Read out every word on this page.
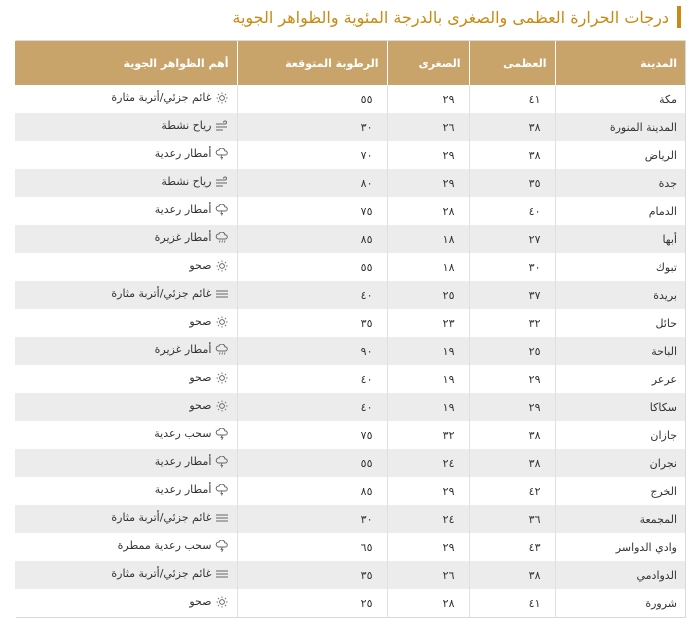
درجات الحرارة العظمى والصغرى بالدرجة المئوية والظواهر الجوية
المدينة	العظمى	الصغرى	الرطوبة المتوقعة	أهم الظواهر الجوية
مكة	٤١	٢٩	٥٥	غائم جزئي/أتربة مثارة

المدينة المنورة	٣٨	٢٦	٣٠	رياح نشطة

الرياض	٣٨	٢٩	٧٠	أمطار رعدية

جدة	٣٥	٢٩	٨٠	رياح نشطة

الدمام	٤٠	٢٨	٧٥	أمطار رعدية

أبها	٢٧	١٨	٨٥	أمطار غزيرة

تبوك	٣٠	١٨	٥٥	صحو

بريدة	٣٧	٢٥	٤٠	غائم جزئي/أتربة مثارة

حائل	٣٢	٢٣	٣٥	صحو

الباحة	٢٥	١٩	٩٠	أمطار غزيرة

عرعر	٢٩	١٩	٤٠	صحو

سكاكا	٢٩	١٩	٤٠	صحو

جازان	٣٨	٣٢	٧٥	سحب رعدية

نجران	٣٨	٢٤	٥٥	أمطار رعدية

الخرج	٤٢	٢٩	٨٥	أمطار رعدية

المجمعة	٣٦	٢٤	٣٠	غائم جزئي/أتربة مثارة

وادي الدواسر	٤٣	٢٩	٦٥	سحب رعدية ممطرة

الدوادمي	٣٨	٢٦	٣٥	غائم جزئي/أتربة مثارة

شرورة	٤١	٢٨	٢٥	صحو
